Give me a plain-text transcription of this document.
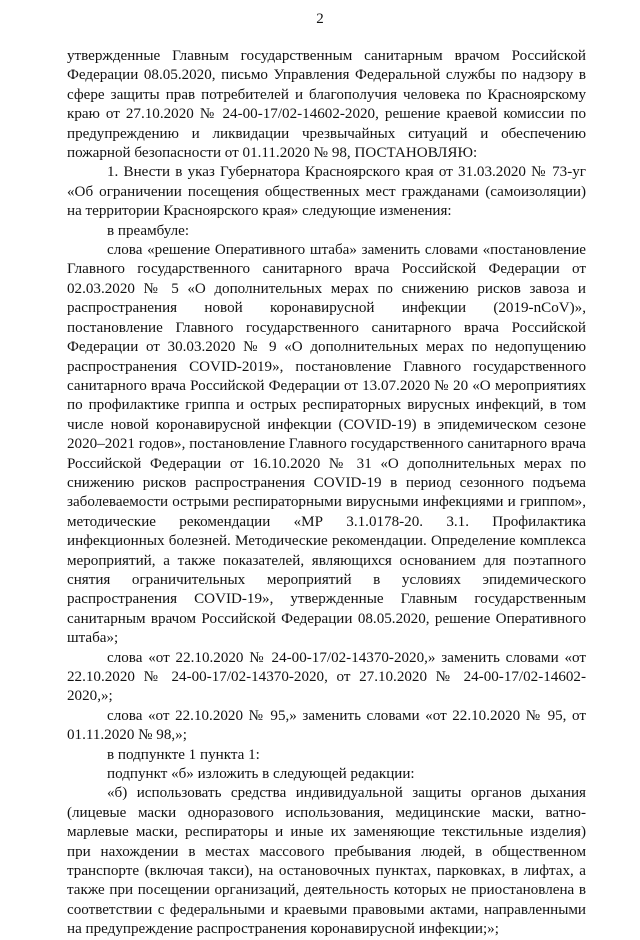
2

утвержденные Главным государственным санитарным врачом Российской Федерации 08.05.2020, письмо Управления Федеральной службы по надзору в сфере защиты прав потребителей и благополучия человека по Красноярскому краю от 27.10.2020 № 24-00-17/02-14602-2020, решение краевой комиссии по предупреждению и ликвидации чрезвычайных ситуаций и обеспечению пожарной безопасности от 01.11.2020 № 98, ПОСТАНОВЛЯЮ:

1. Внести в указ Губернатора Красноярского края от 31.03.2020 № 73-уг «Об ограничении посещения общественных мест гражданами (самоизоляции) на территории Красноярского края» следующие изменения:

в преамбуле:

слова «решение Оперативного штаба» заменить словами «постановление Главного государственного санитарного врача Российской Федерации от 02.03.2020 № 5 «О дополнительных мерах по снижению рисков завоза и распространения новой коронавирусной инфекции (2019-nCoV)», постановление Главного государственного санитарного врача Российской Федерации от 30.03.2020 № 9 «О дополнительных мерах по недопущению распространения COVID-2019», постановление Главного государственного санитарного врача Российской Федерации от 13.07.2020 № 20 «О мероприятиях по профилактике гриппа и острых респираторных вирусных инфекций, в том числе новой коронавирусной инфекции (COVID-19) в эпидемическом сезоне 2020–2021 годов», постановление Главного государственного санитарного врача Российской Федерации от 16.10.2020 № 31 «О дополнительных мерах по снижению рисков распространения COVID-19 в период сезонного подъема заболеваемости острыми респираторными вирусными инфекциями и гриппом», методические рекомендации «МР 3.1.0178-20. 3.1. Профилактика инфекционных болезней. Методические рекомендации. Определение комплекса мероприятий, а также показателей, являющихся основанием для поэтапного снятия ограничительных мероприятий в условиях эпидемического распространения COVID-19», утвержденные Главным государственным санитарным врачом Российской Федерации 08.05.2020, решение Оперативного штаба»;

слова «от 22.10.2020 № 24-00-17/02-14370-2020,» заменить словами «от 22.10.2020 № 24-00-17/02-14370-2020, от 27.10.2020 № 24-00-17/02-14602-2020,»;

слова «от 22.10.2020 № 95,» заменить словами «от 22.10.2020 № 95, от 01.11.2020 № 98,»;

в подпункте 1 пункта 1:

подпункт «б» изложить в следующей редакции:

«б) использовать средства индивидуальной защиты органов дыхания (лицевые маски одноразового использования, медицинские маски, ватно-марлевые маски, респираторы и иные их заменяющие текстильные изделия) при нахождении в местах массового пребывания людей, в общественном транспорте (включая такси), на остановочных пунктах, парковках, в лифтах, а также при посещении организаций, деятельность которых не приостановлена в соответствии с федеральными и краевыми правовыми актами, направленными на предупреждение распространения коронавирусной инфекции;»;
